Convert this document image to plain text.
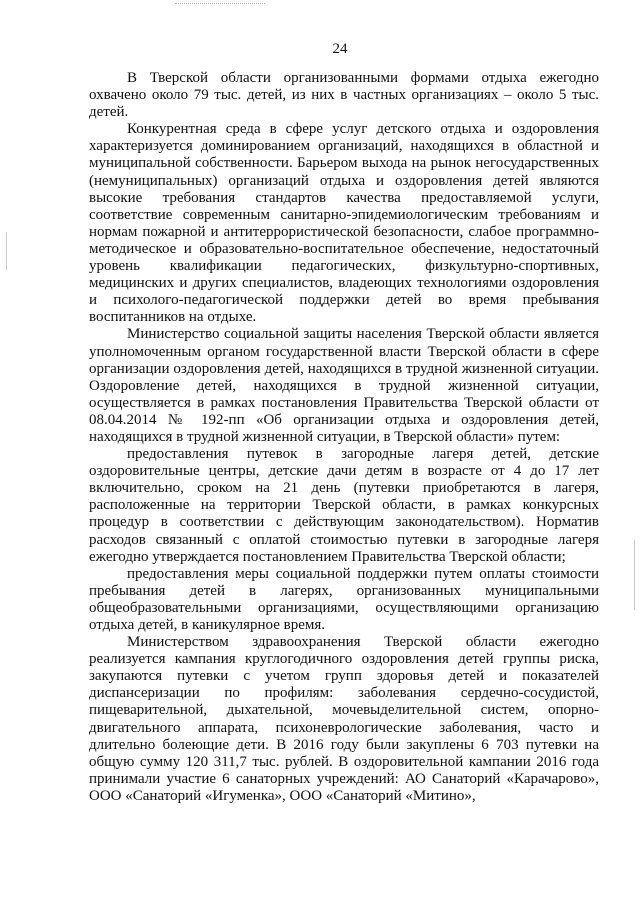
24

В Тверской области организованными формами отдыха ежегодно охвачено около 79 тыс. детей, из них в частных организациях – около 5 тыс. детей.

Конкурентная среда в сфере услуг детского отдыха и оздоровления характеризуется доминированием организаций, находящихся в областной и муниципальной собственности. Барьером выхода на рынок негосударственных (немуниципальных) организаций отдыха и оздоровления детей являются высокие требования стандартов качества предоставляемой услуги, соответствие современным санитарно-эпидемиологическим требованиям и нормам пожарной и антитеррористической безопасности, слабое программно-методическое и образовательно-воспитательное обеспечение, недостаточный уровень квалификации педагогических, физкультурно-спортивных, медицинских и других специалистов, владеющих технологиями оздоровления и психолого-педагогической поддержки детей во время пребывания воспитанников на отдыхе.

Министерство социальной защиты населения Тверской области является уполномоченным органом государственной власти Тверской области в сфере организации оздоровления детей, находящихся в трудной жизненной ситуации. Оздоровление детей, находящихся в трудной жизненной ситуации, осуществляется в рамках постановления Правительства Тверской области от 08.04.2014 № 192-пп «Об организации отдыха и оздоровления детей, находящихся в трудной жизненной ситуации, в Тверской области» путем:

предоставления путевок в загородные лагеря детей, детские оздоровительные центры, детские дачи детям в возрасте от 4 до 17 лет включительно, сроком на 21 день (путевки приобретаются в лагеря, расположенные на территории Тверской области, в рамках конкурсных процедур в соответствии с действующим законодательством). Норматив расходов связанный с оплатой стоимостью путевки в загородные лагеря ежегодно утверждается постановлением Правительства Тверской области;

предоставления меры социальной поддержки путем оплаты стоимости пребывания детей в лагерях, организованных муниципальными общеобразовательными организациями, осуществляющими организацию отдыха детей, в каникулярное время.

Министерством здравоохранения Тверской области ежегодно реализуется кампания круглогодичного оздоровления детей группы риска, закупаются путевки с учетом групп здоровья детей и показателей диспансеризации по профилям: заболевания сердечно-сосудистой, пищеварительной, дыхательной, мочевыделительной систем, опорно-двигательного аппарата, психоневрологические заболевания, часто и длительно болеющие дети. В 2016 году были закуплены 6 703 путевки на общую сумму 120 311,7 тыс. рублей. В оздоровительной кампании 2016 года принимали участие 6 санаторных учреждений: АО Санаторий «Карачарово», ООО «Санаторий «Игуменка», ООО «Санаторий «Митино»,
